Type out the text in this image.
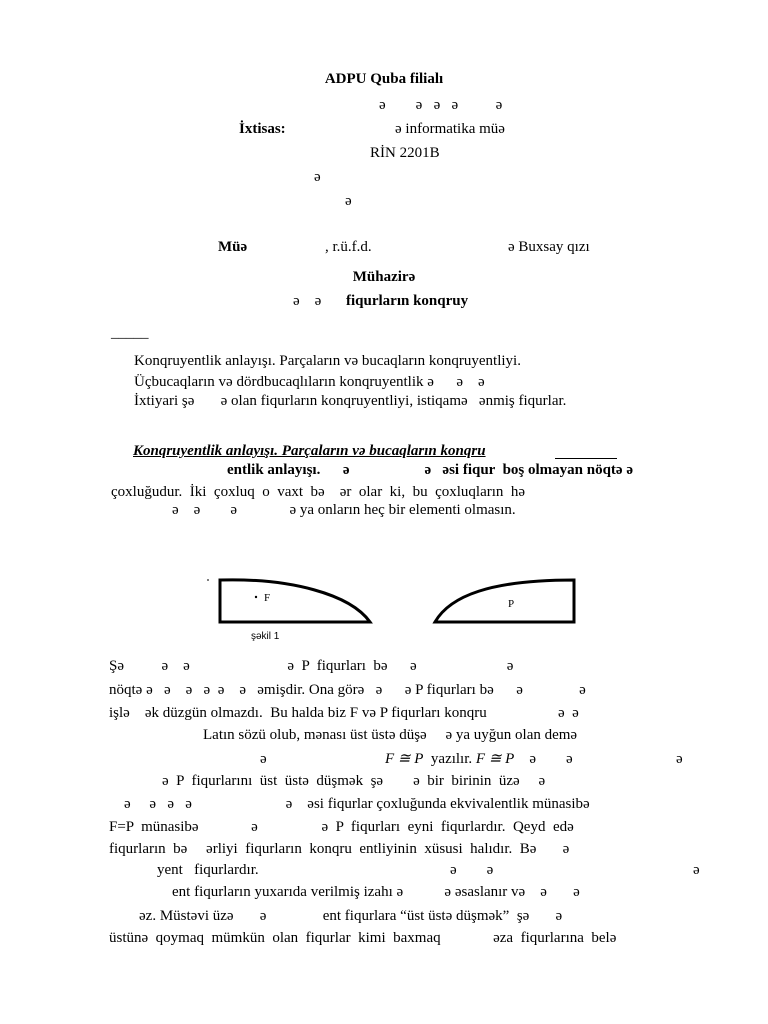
ADPU Quba filialı
ə        ə   ə   ə          ə
İxtisas:	ə informatika müə
RİN 2201B
ə
ə
Müə	, r.ü.f.d.	ə Buxsay qızı
Mühazirə
ə    ə fiqurların konqruy
_____
Konqruyentlik anlayışı. Parçaların və bucaqların konqruyentliyi.
Üçbucaqların və dördbucaqlıların konqruyentlik ə      ə    ə
İxtiyari şə       ə olan fiqurların konqruyentliyi, istiqamə   ənmiş fiqurlar.
Konqruyentlik anlayışı. Parçaların və bucaqların konqru
entlik anlayışı.      ə                    ə   əsi fiqur  boş olmayan nöqtə ə
çoxluğudur.  İki  çoxluq  o  vaxt  bə    ər  olar  ki,  bu  çoxluqların  hə
ə    ə        ə              ə ya onların heç bir elementi olmasın.
F
şəkil 1
P
Şə          ə    ə                          ə  P  fiqurları  bə      ə                        ə
nöqtə ə   ə    ə   ə  ə    ə   əmişdir. Ona görə   ə      ə P fiqurları bə      ə               ə
işlə    ək düzgün olmazdı.  Bu halda biz F və P fiqurları konqru                   ə  ə
Latın sözü olub, mənası üst üstə düşə     ə ya uyğun olan demə
ə	F ≅ P  yazılır. F ≅ P    ə        ə	ə
ə  P  fiqurlarını  üst  üstə  düşmək  şə        ə  bir  birinin  üzə     ə
ə     ə   ə   ə                         ə    əsi fiqurlar çoxluğunda ekvivalentlik münasibə
F=P  münasibə              ə                 ə  P  fiqurları  eyni  fiqurlardır.  Qeyd  edə
fiqurların  bə     ərliyi  fiqurların  konqru  entliyinin  xüsusi  halıdır.  Bə       ə
yent   fiqurlardır.	ə        ə	ə
ent fiqurların yuxarıda verilmiş izahı ə           ə əsaslanır və    ə       ə
əz. Müstəvi üzə       ə               ent fiqurlara “üst üstə düşmək”  şə       ə
üstünə  qoymaq  mümkün  olan  fiqurlar  kimi  baxmaq              əza  fiqurlarına  belə
